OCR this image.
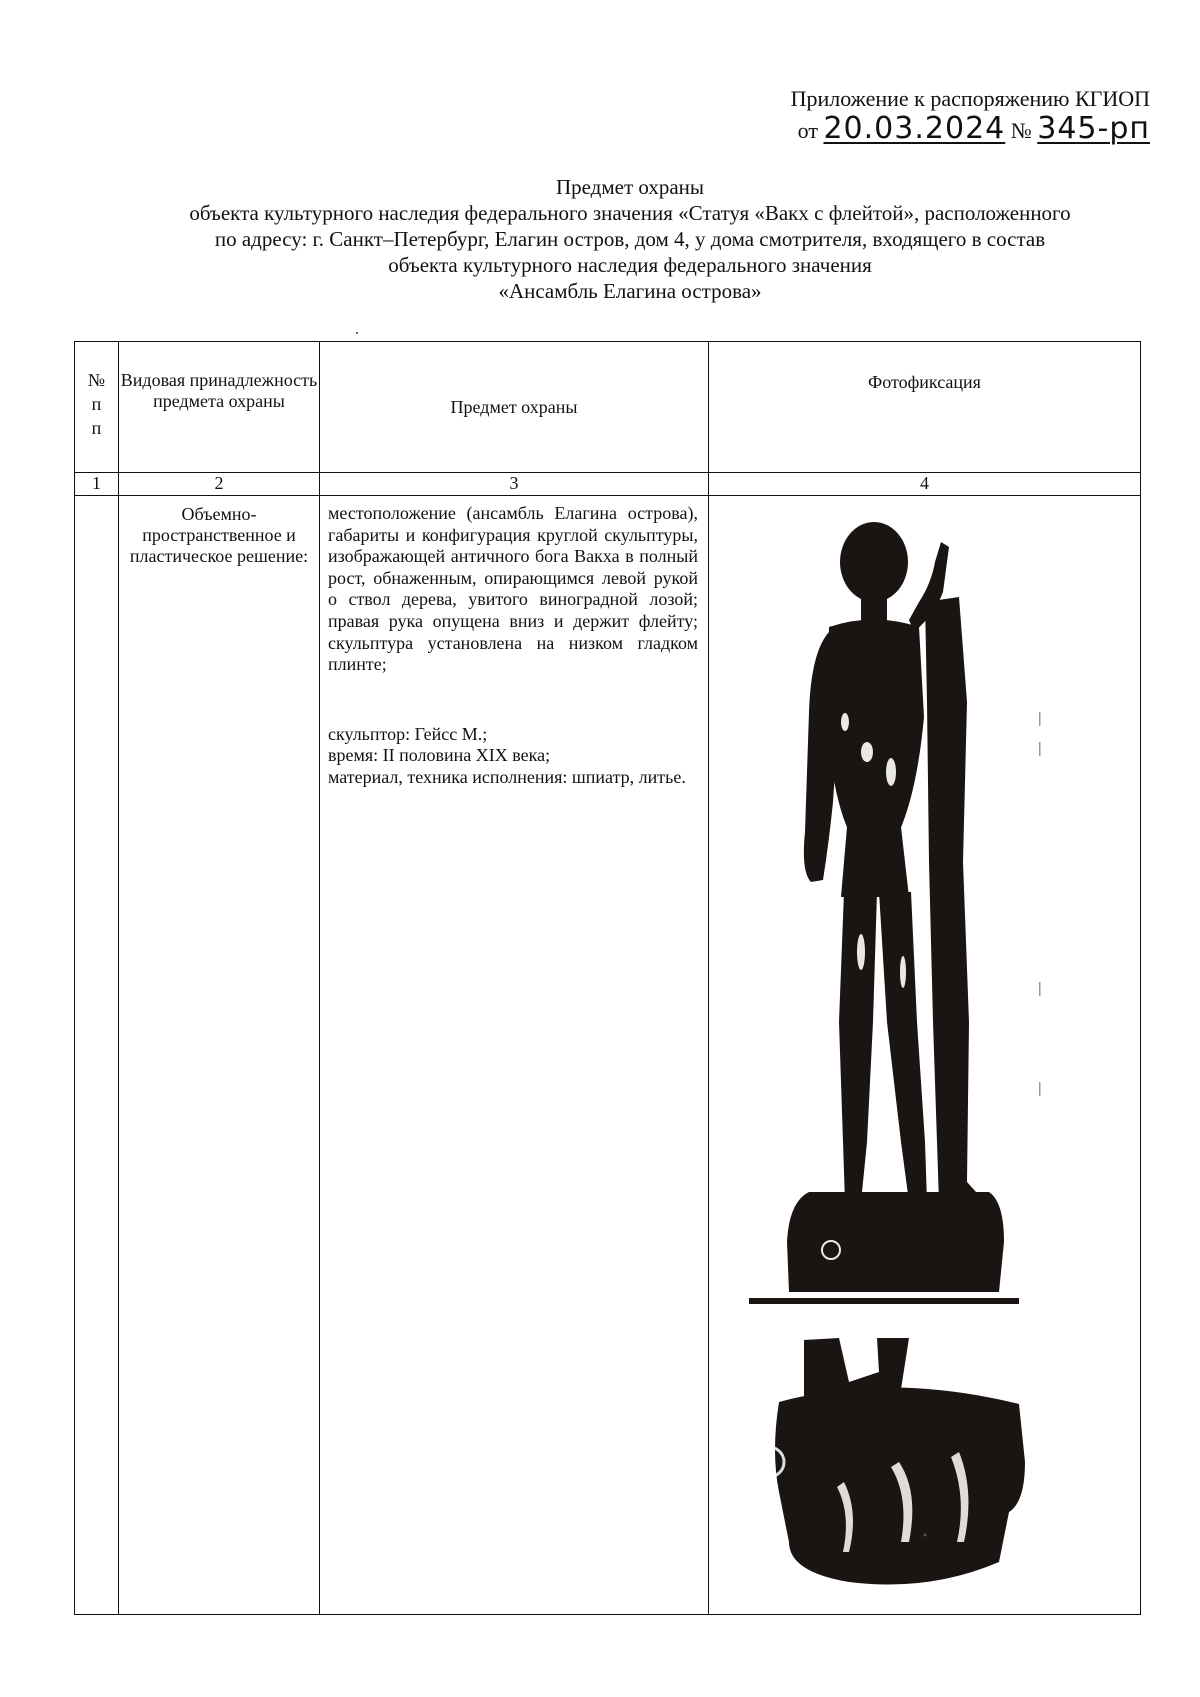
Приложение к распоряжению КГИОП
от 20.03.2024 № 345-рп
Предмет охраны
объекта культурного наследия федерального значения «Статуя «Вакх с флейтой», расположенного
по адресу: г. Санкт–Петербург, Елагин остров, дом 4, у дома смотрителя, входящего в состав
объекта культурного наследия федерального значения
«Ансамбль Елагина острова»
№
п
п	Видовая принадлежность предмета охраны	Предмет охраны	Фотофиксация
1	2	3	4
	Объемно-пространственное и пластическое решение:	местоположение (ансамбль Елагина острова), габариты и конфигурация круглой скульптуры, изображающей античного бога Вакха в полный рост, обнаженным, опирающимся левой рукой о ствол дерева, увитого виноградной лозой; правая рука опущена вниз и держит флейту; скульптура установлена на низком гладком плинте;

скульптор: Гейсс М.;

время: II половина XIX века;

материал, техника исполнения: шпиатр, литье.
